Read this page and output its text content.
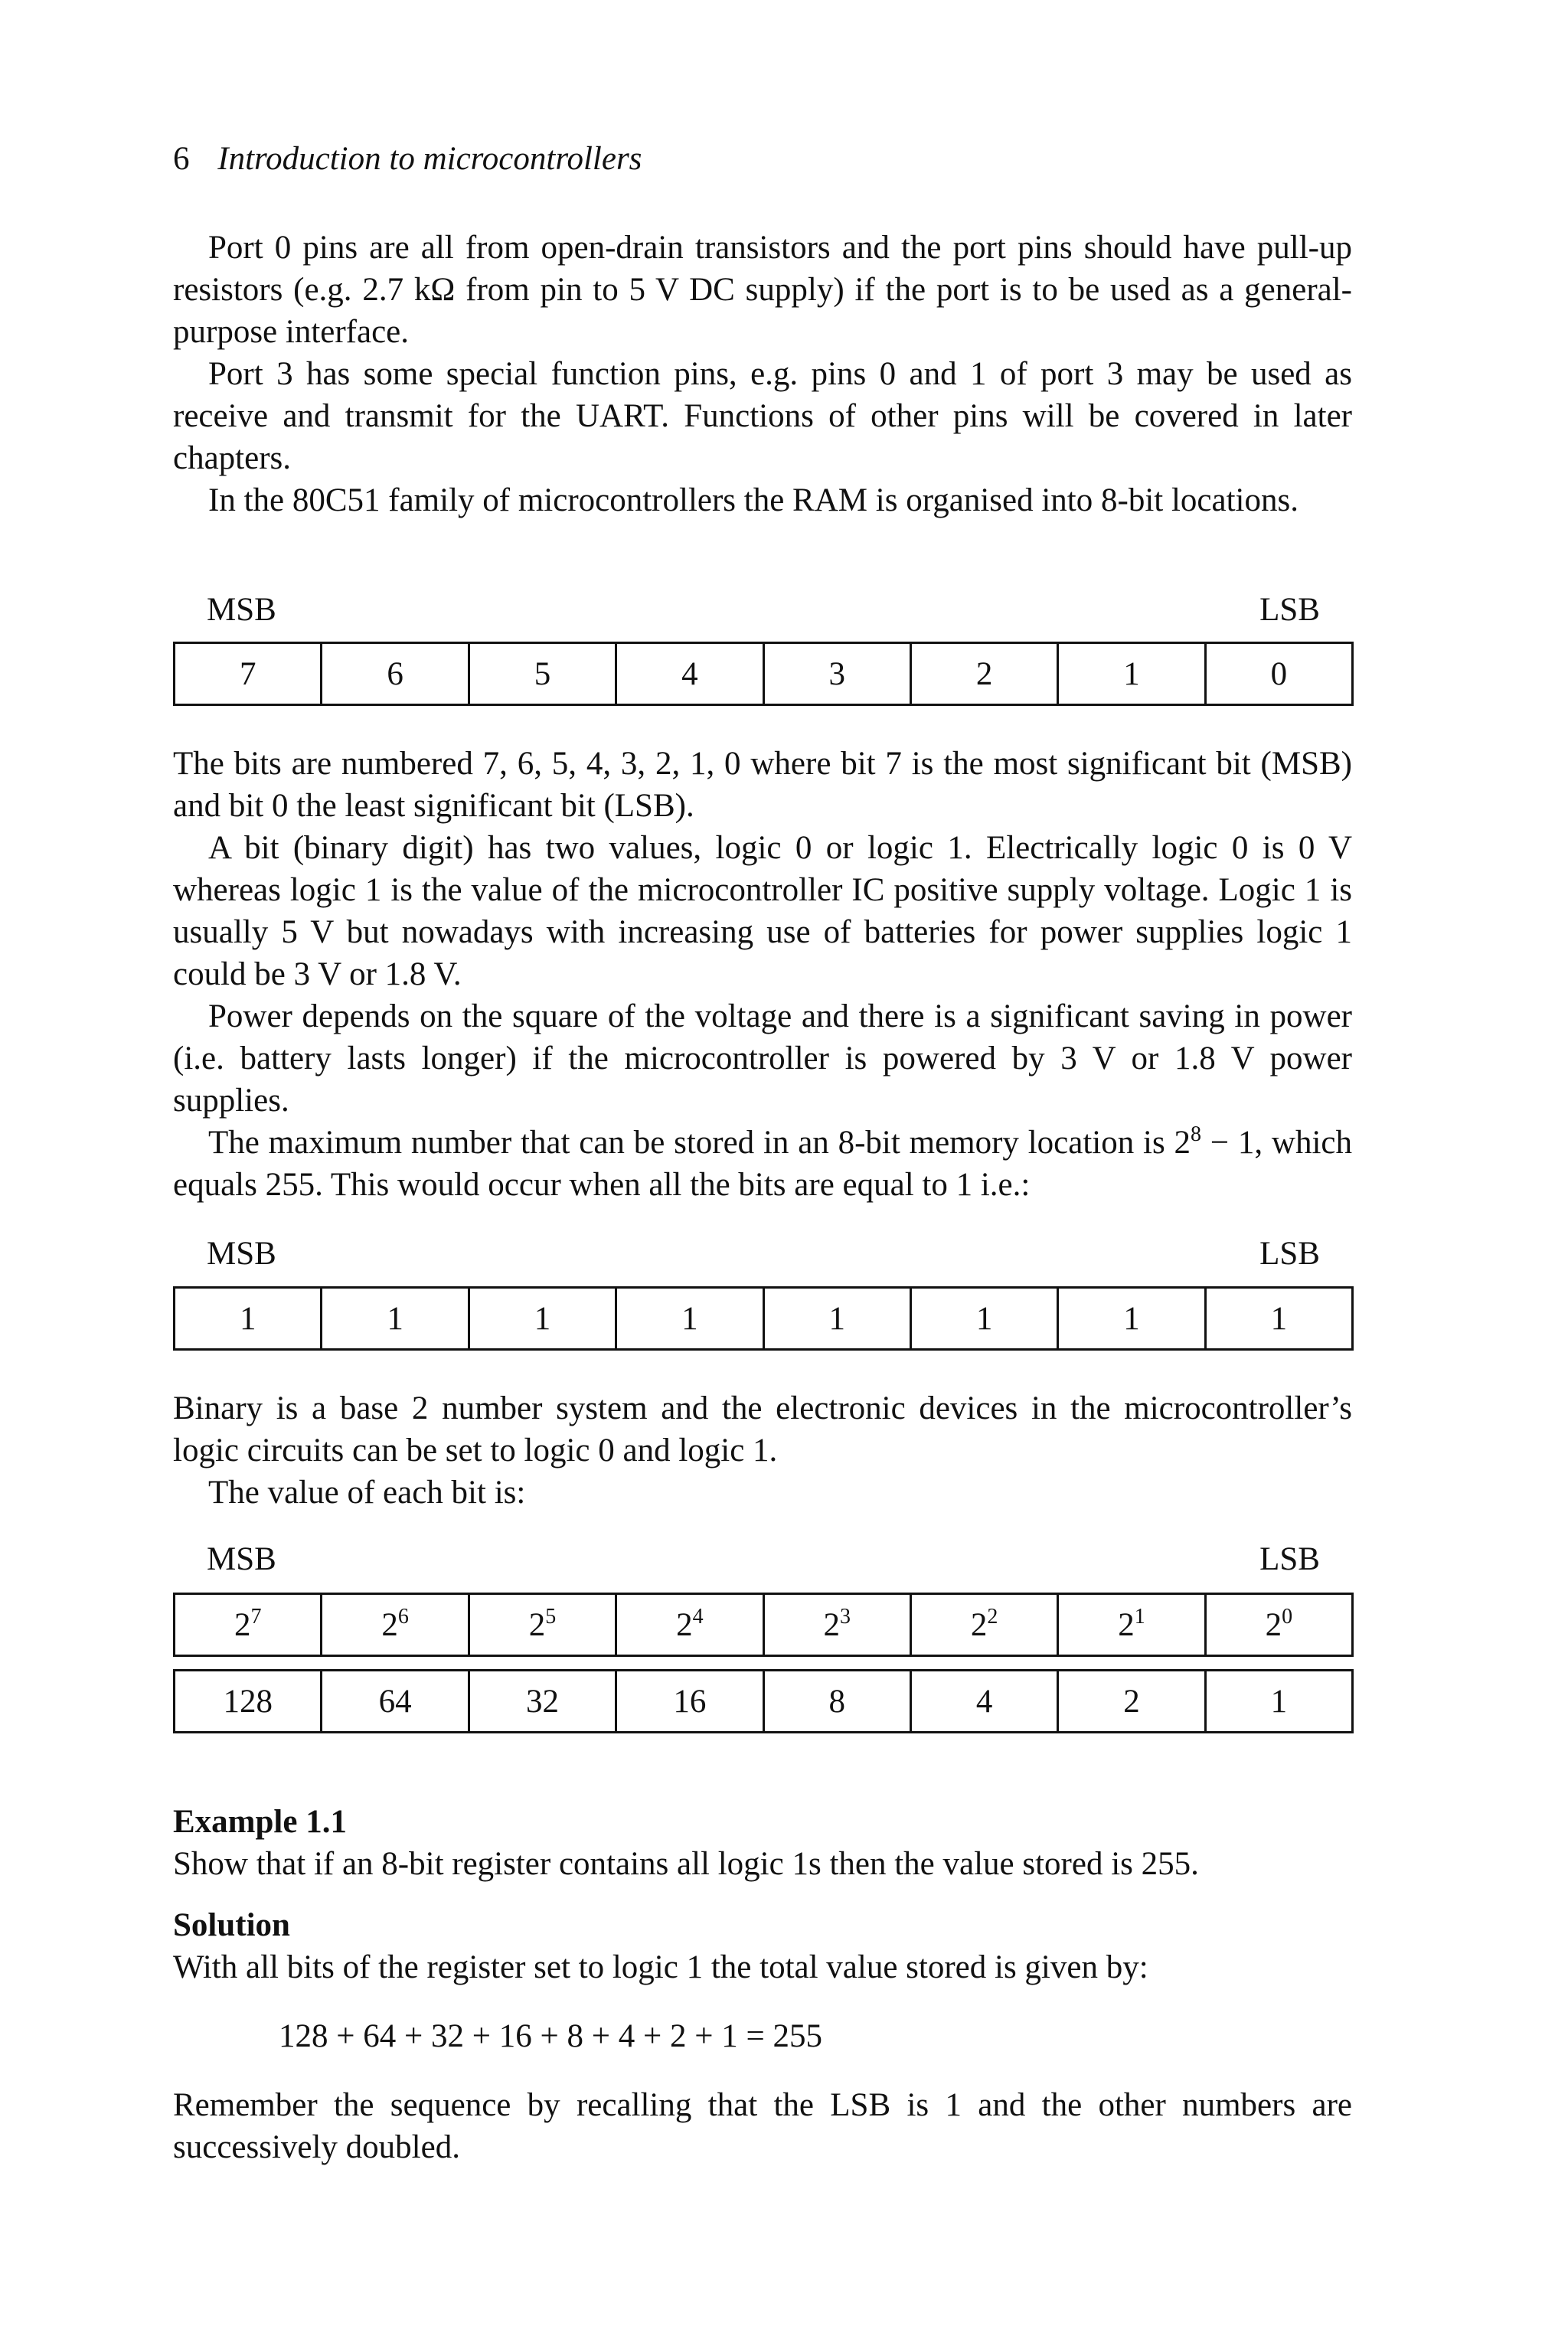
6 Introduction to microcontrollers

Port 0 pins are all from open-drain transistors and the port pins should have pull-up resistors (e.g. 2.7 kΩ from pin to 5 V DC supply) if the port is to be used as a general-purpose interface.

Port 3 has some special function pins, e.g. pins 0 and 1 of port 3 may be used as receive and transmit for the UART. Functions of other pins will be covered in later chapters.

In the 80C51 family of microcontrollers the RAM is organised into 8-bit locations.

MSB	LSB
7	6	5	4	3	2	1	0

The bits are numbered 7, 6, 5, 4, 3, 2, 1, 0 where bit 7 is the most significant bit (MSB) and bit 0 the least significant bit (LSB).

A bit (binary digit) has two values, logic 0 or logic 1. Electrically logic 0 is 0 V whereas logic 1 is the value of the microcontroller IC positive supply voltage. Logic 1 is usually 5 V but nowadays with increasing use of batteries for power supplies logic 1 could be 3 V or 1.8 V.

Power depends on the square of the voltage and there is a significant saving in power (i.e. battery lasts longer) if the microcontroller is powered by 3 V or 1.8 V power supplies.

The maximum number that can be stored in an 8-bit memory location is $2^8 - 1$, which equals 255. This would occur when all the bits are equal to 1 i.e.:

MSB	LSB
1	1	1	1	1	1	1	1

Binary is a base 2 number system and the electronic devices in the microcontroller’s logic circuits can be set to logic 0 and logic 1.

The value of each bit is:

MSB	LSB
$2^7$	$2^6$	$2^5$	$2^4$	$2^3$	$2^2$	$2^1$	$2^0$
128	64	32	16	8	4	2	1
Example 1.1

Show that if an 8-bit register contains all logic 1s then the value stored is 255.

Solution

With all bits of the register set to logic 1 the total value stored is given by:

128 + 64 + 32 + 16 + 8 + 4 + 2 + 1 = 255

Remember the sequence by recalling that the LSB is 1 and the other numbers are successively doubled.
